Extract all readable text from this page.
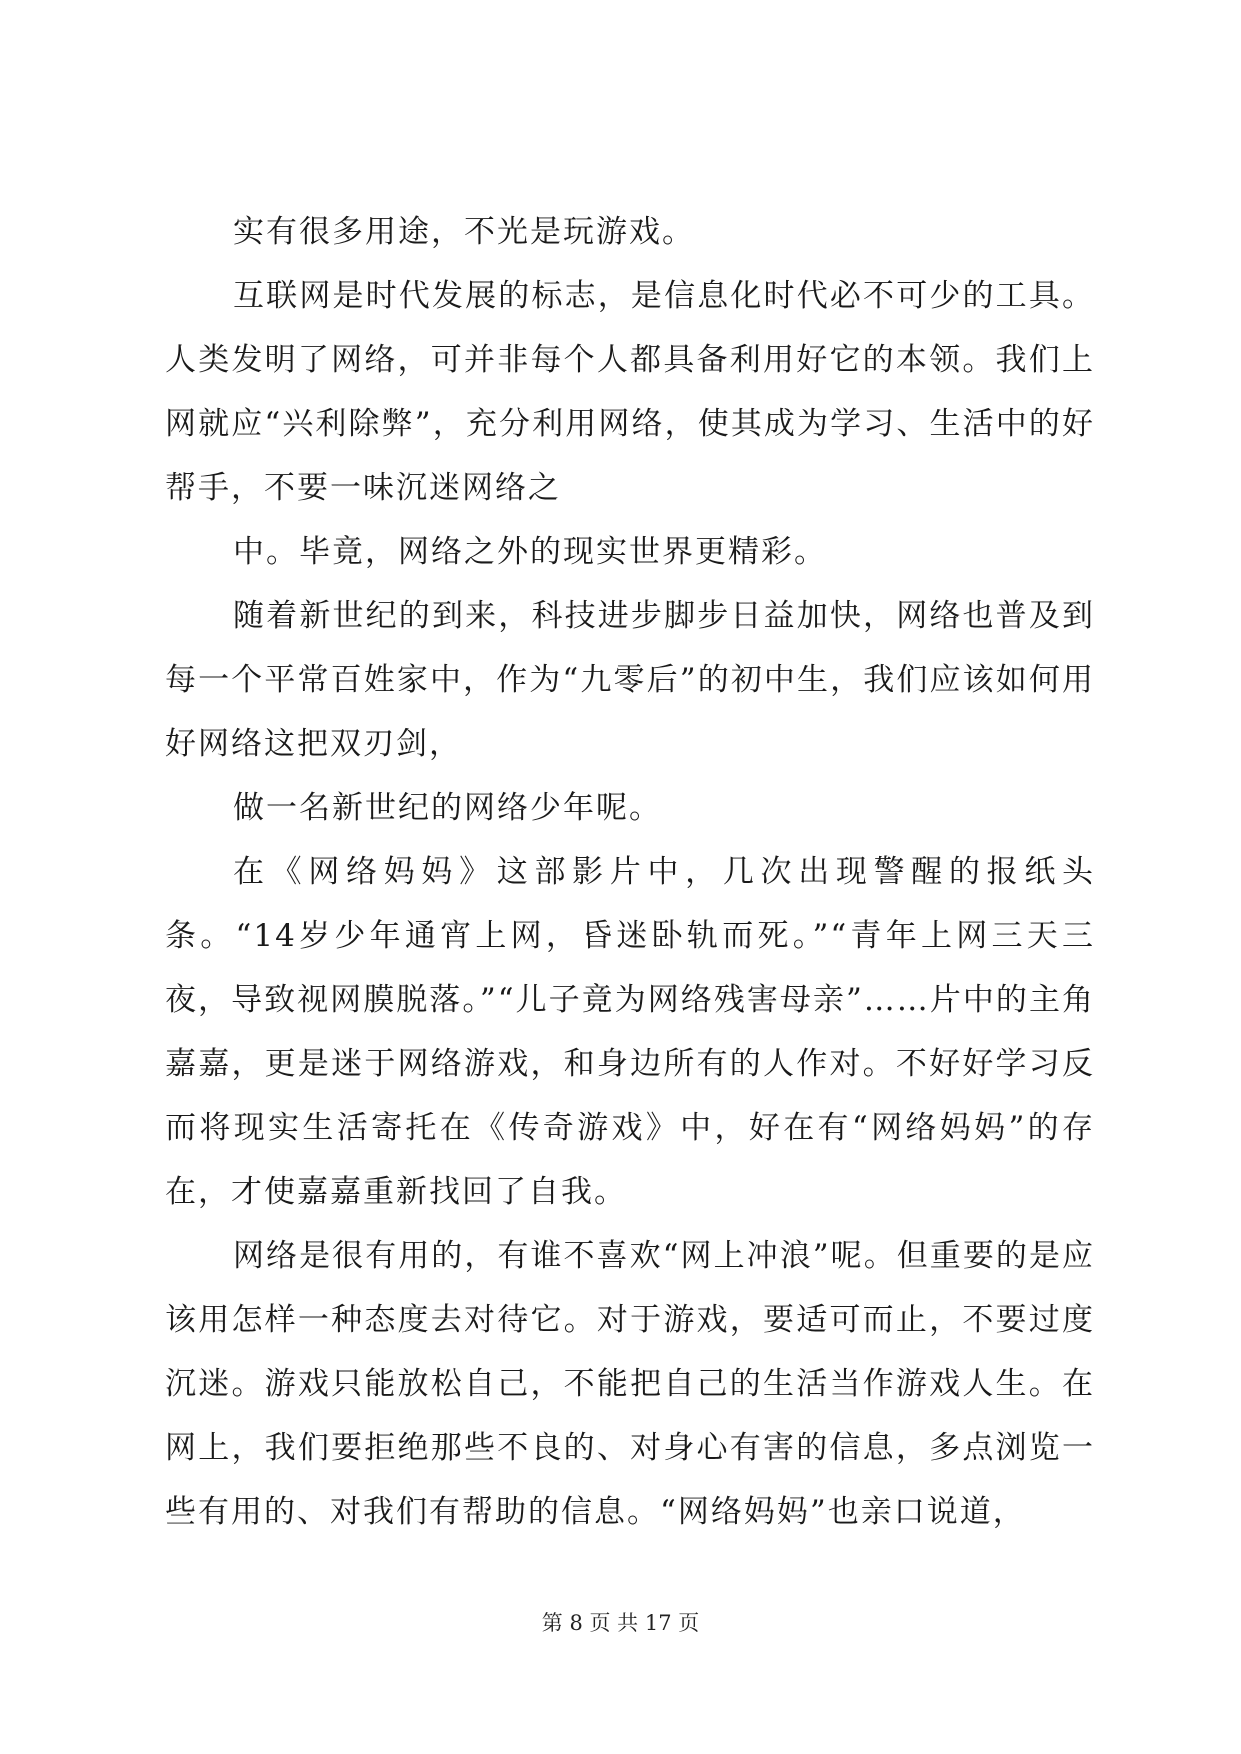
实有很多用途，不光是玩游戏。

互联网是时代发展的标志，是信息化时代必不可少的工具。人类发明了网络，可并非每个人都具备利用好它的本领。我们上网就应“兴利除弊”，充分利用网络，使其成为学习、生活中的好帮手，不要一味沉迷网络之

中。毕竟，网络之外的现实世界更精彩。

随着新世纪的到来，科技进步脚步日益加快，网络也普及到每一个平常百姓家中，作为“九零后”的初中生，我们应该如何用好网络这把双刃剑，

做一名新世纪的网络少年呢。

在《网络妈妈》这部影片中，几次出现警醒的报纸头条。“14岁少年通宵上网，昏迷卧轨而死。”“青年上网三天三夜，导致视网膜脱落。”“儿子竟为网络残害母亲”……片中的主角嘉嘉，更是迷于网络游戏，和身边所有的人作对。不好好学习反而将现实生活寄托在《传奇游戏》中，好在有“网络妈妈”的存在，才使嘉嘉重新找回了自我。

网络是很有用的，有谁不喜欢“网上冲浪”呢。但重要的是应该用怎样一种态度去对待它。对于游戏，要适可而止，不要过度沉迷。游戏只能放松自己，不能把自己的生活当作游戏人生。在网上，我们要拒绝那些不良的、对身心有害的信息，多点浏览一些有用的、对我们有帮助的信息。“网络妈妈”也亲口说道，

第 8 页 共 17 页
